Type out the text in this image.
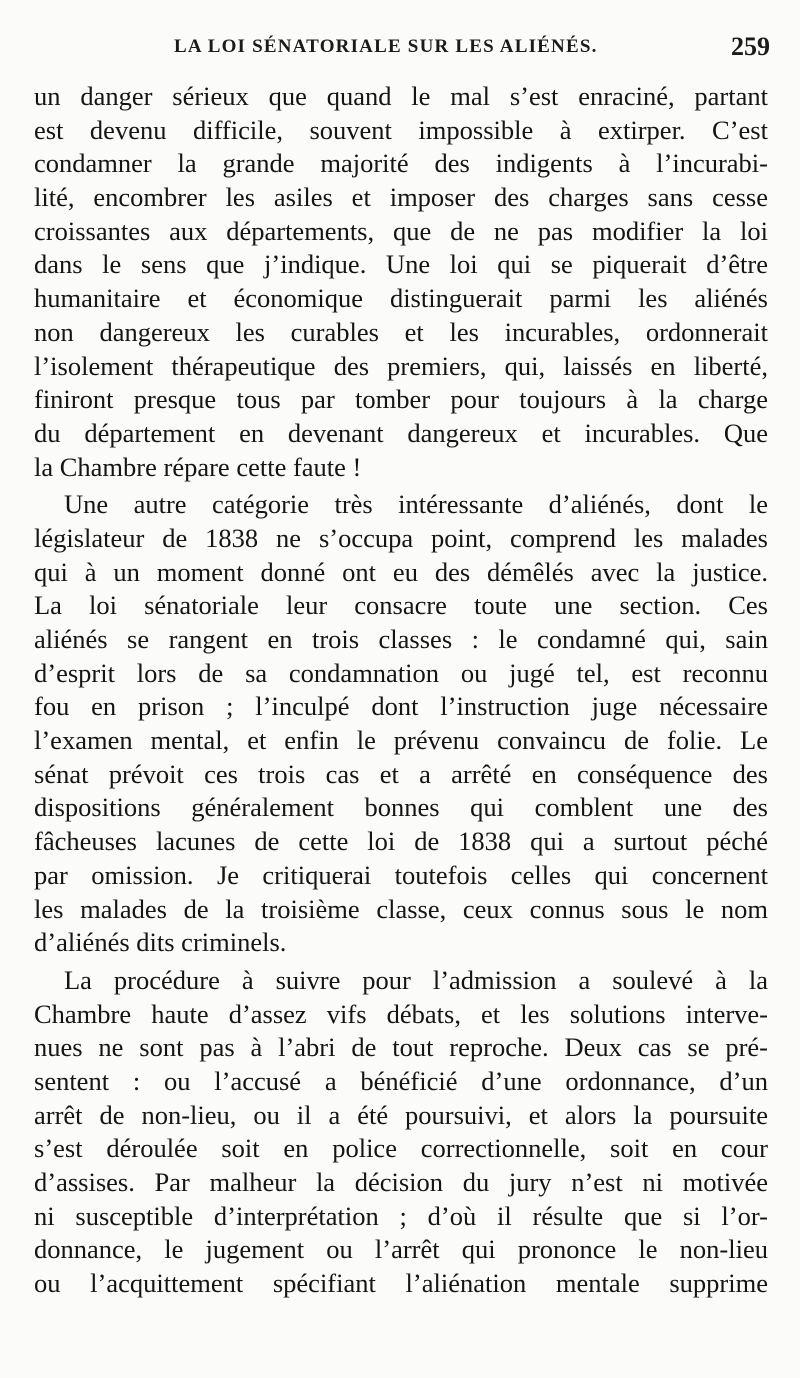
LA LOI SÉNATORIALE SUR LES ALIÉNÉS.	259
un danger sérieux que quand le mal s’est enraciné, partant
est devenu difficile, souvent impossible à extirper. C’est
condamner la grande majorité des indigents à l’incurabi-
lité, encombrer les asiles et imposer des charges sans cesse
croissantes aux départements, que de ne pas modifier la loi
dans le sens que j’indique. Une loi qui se piquerait d’être
humanitaire et économique distinguerait parmi les aliénés
non dangereux les curables et les incurables, ordonnerait
l’isolement thérapeutique des premiers, qui, laissés en liberté,
finiront presque tous par tomber pour toujours à la charge
du département en devenant dangereux et incurables. Que
la Chambre répare cette faute !
Une autre catégorie très intéressante d’aliénés, dont le
législateur de 1838 ne s’occupa point, comprend les malades
qui à un moment donné ont eu des démêlés avec la justice.
La loi sénatoriale leur consacre toute une section. Ces
aliénés se rangent en trois classes : le condamné qui, sain
d’esprit lors de sa condamnation ou jugé tel, est reconnu
fou en prison ; l’inculpé dont l’instruction juge nécessaire
l’examen mental, et enfin le prévenu convaincu de folie. Le
sénat prévoit ces trois cas et a arrêté en conséquence des
dispositions généralement bonnes qui comblent une des
fâcheuses lacunes de cette loi de 1838 qui a surtout péché
par omission. Je critiquerai toutefois celles qui concernent
les malades de la troisième classe, ceux connus sous le nom
d’aliénés dits criminels.
La procédure à suivre pour l’admission a soulevé à la
Chambre haute d’assez vifs débats, et les solutions interve-
nues ne sont pas à l’abri de tout reproche. Deux cas se pré-
sentent : ou l’accusé a bénéficié d’une ordonnance, d’un
arrêt de non-lieu, ou il a été poursuivi, et alors la poursuite
s’est déroulée soit en police correctionnelle, soit en cour
d’assises. Par malheur la décision du jury n’est ni motivée
ni susceptible d’interprétation ; d’où il résulte que si l’or-
donnance, le jugement ou l’arrêt qui prononce le non-lieu
ou l’acquittement spécifiant l’aliénation mentale supprime
